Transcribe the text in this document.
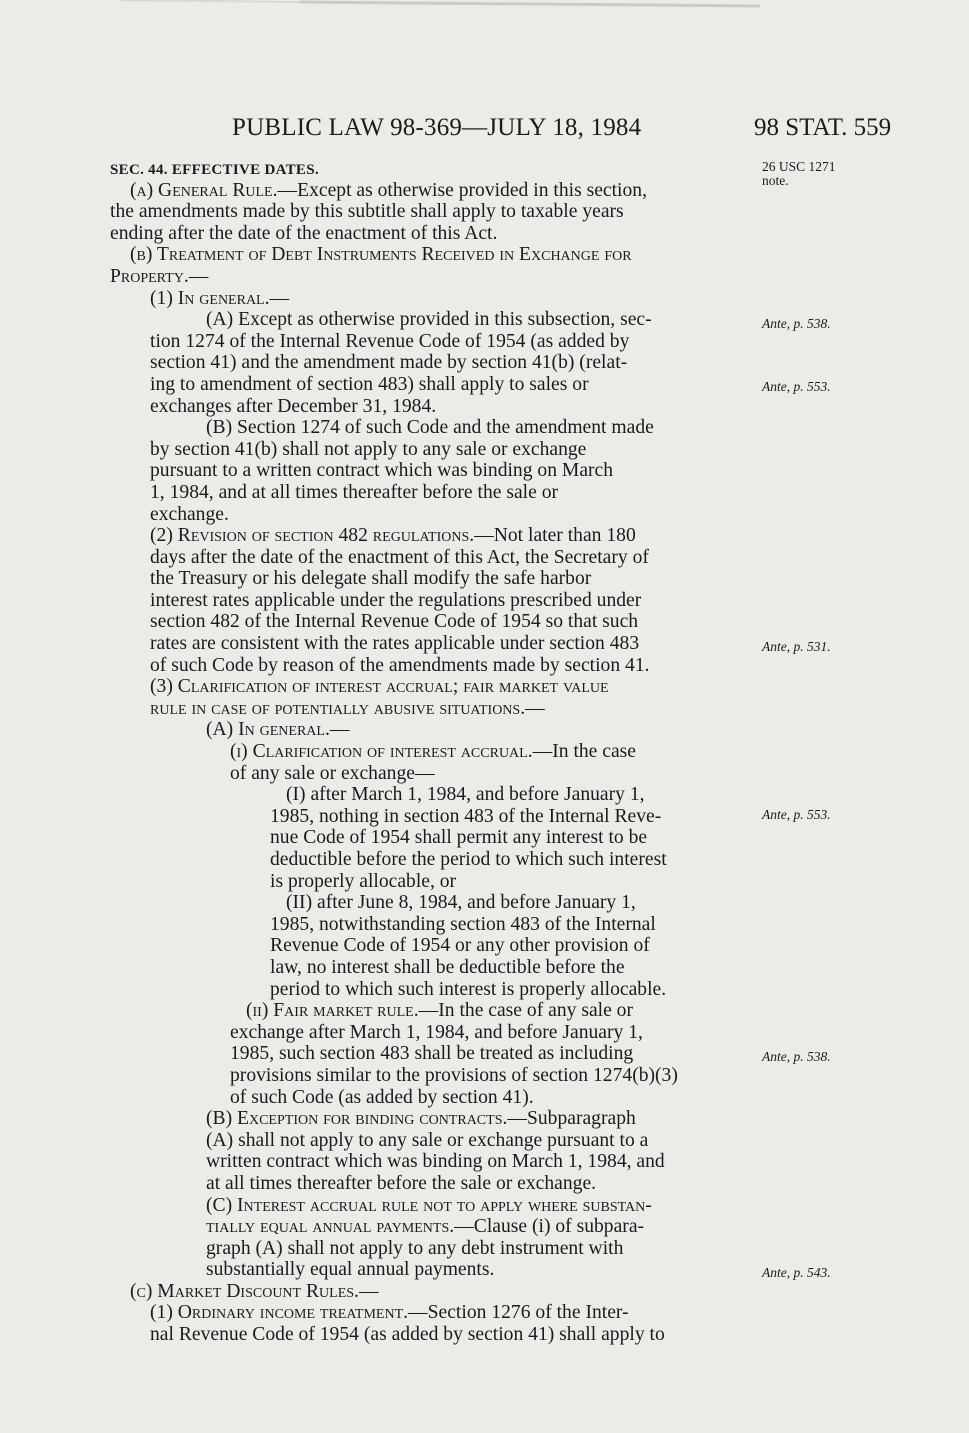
PUBLIC LAW 98-369—JULY 18, 1984	98 STAT. 559
SEC. 44. EFFECTIVE DATES.
(a) General Rule.—Except as otherwise provided in this section,
the amendments made by this subtitle shall apply to taxable years
ending after the date of the enactment of this Act.
(b) Treatment of Debt Instruments Received in Exchange for
Property.—
(1) In general.—
(A) Except as otherwise provided in this subsection, sec-
tion 1274 of the Internal Revenue Code of 1954 (as added by
section 41) and the amendment made by section 41(b) (relat-
ing to amendment of section 483) shall apply to sales or
exchanges after December 31, 1984.
(B) Section 1274 of such Code and the amendment made
by section 41(b) shall not apply to any sale or exchange
pursuant to a written contract which was binding on March
1, 1984, and at all times thereafter before the sale or
exchange.
(2) Revision of section 482 regulations.—Not later than 180
days after the date of the enactment of this Act, the Secretary of
the Treasury or his delegate shall modify the safe harbor
interest rates applicable under the regulations prescribed under
section 482 of the Internal Revenue Code of 1954 so that such
rates are consistent with the rates applicable under section 483
of such Code by reason of the amendments made by section 41.
(3) Clarification of interest accrual; fair market value
rule in case of potentially abusive situations.—
(A) In general.—
(i) Clarification of interest accrual.—In the case
of any sale or exchange—
(I) after March 1, 1984, and before January 1,
1985, nothing in section 483 of the Internal Reve-
nue Code of 1954 shall permit any interest to be
deductible before the period to which such interest
is properly allocable, or
(II) after June 8, 1984, and before January 1,
1985, notwithstanding section 483 of the Internal
Revenue Code of 1954 or any other provision of
law, no interest shall be deductible before the
period to which such interest is properly allocable.
(ii) Fair market rule.—In the case of any sale or
exchange after March 1, 1984, and before January 1,
1985, such section 483 shall be treated as including
provisions similar to the provisions of section 1274(b)(3)
of such Code (as added by section 41).
(B) Exception for binding contracts.—Subparagraph
(A) shall not apply to any sale or exchange pursuant to a
written contract which was binding on March 1, 1984, and
at all times thereafter before the sale or exchange.
(C) Interest accrual rule not to apply where substan-
tially equal annual payments.—Clause (i) of subpara-
graph (A) shall not apply to any debt instrument with
substantially equal annual payments.
(c) Market Discount Rules.—
(1) Ordinary income treatment.—Section 1276 of the Inter-
nal Revenue Code of 1954 (as added by section 41) shall apply to
26 USC 1271
note.
Ante, p. 538.
Ante, p. 553.
Ante, p. 531.
Ante, p. 553.
Ante, p. 538.
Ante, p. 543.
